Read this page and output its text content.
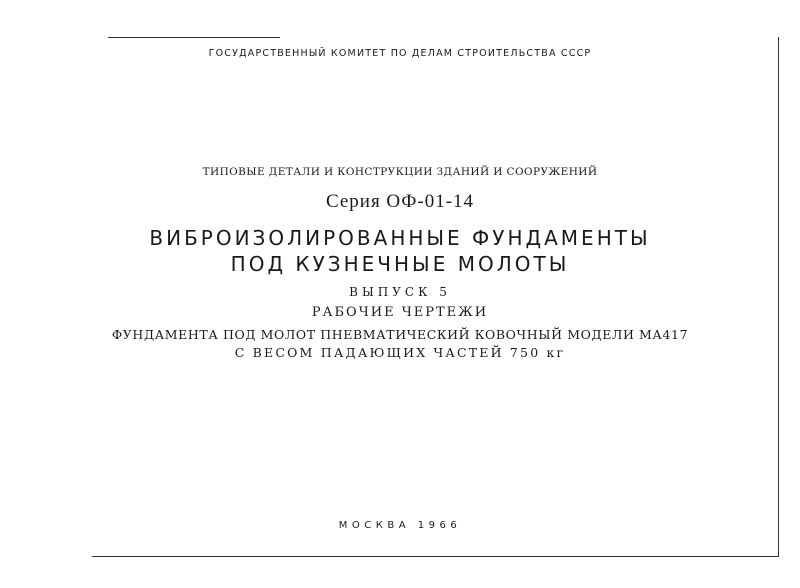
ГОСУДАРСТВЕННЫЙ КОМИТЕТ ПО ДЕЛАМ СТРОИТЕЛЬСТВА СССР
ТИПОВЫЕ ДЕТАЛИ И КОНСТРУКЦИИ ЗДАНИЙ И СООРУЖЕНИЙ
Серия ОФ-01-14
ВИБРОИЗОЛИРОВАННЫЕ ФУНДАМЕНТЫ
ПОД КУЗНЕЧНЫЕ МОЛОТЫ
ВЫПУСК 5
РАБОЧИЕ ЧЕРТЕЖИ
ФУНДАМЕНТА ПОД МОЛОТ ПНЕВМАТИЧЕСКИЙ КОВОЧНЫЙ МОДЕЛИ МА417
С ВЕСОМ ПАДАЮЩИХ ЧАСТЕЙ 750 кг
МОСКВА 1966
